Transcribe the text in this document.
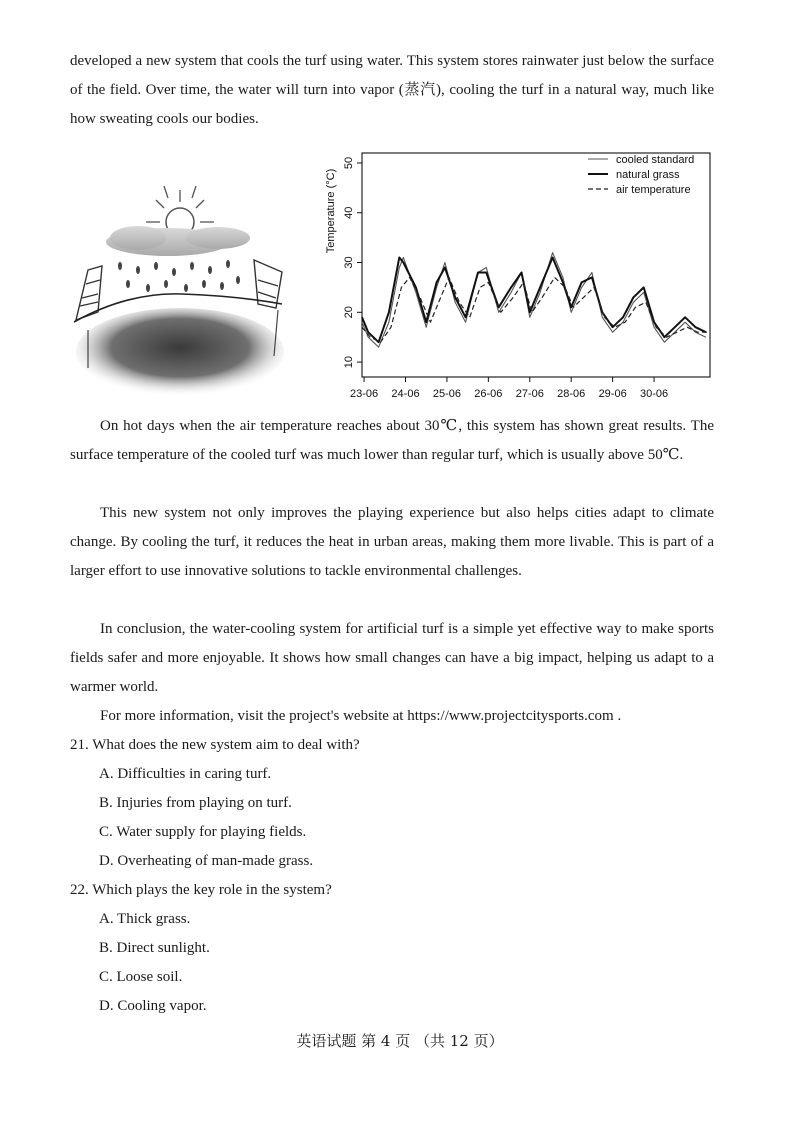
developed a new system that cools the turf using water. This system stores rainwater just below the surface of the field. Over time, the water will turn into vapor (蒸汽), cooling the turf in a natural way, much like how sweating cools our bodies.

10
20
30
40
50
23-06 24-06 25-06 26-06 27-06 28-06 29-06 30-06
cooled standard
natural grass
air temperature
Temperature (°C)

On hot days when the air temperature reaches about 30℃, this system has shown great results. The surface temperature of the cooled turf was much lower than regular turf, which is usually above 50℃.

This new system not only improves the playing experience but also helps cities adapt to climate change. By cooling the turf, it reduces the heat in urban areas, making them more livable. This is part of a larger effort to use innovative solutions to tackle environmental challenges.

In conclusion, the water-cooling system for artificial turf is a simple yet effective way to make sports fields safer and more enjoyable. It shows how small changes can have a big impact, helping us adapt to a warmer world.

For more information, visit the project's website at https://www.projectcitysports.com .

21. What does the new system aim to deal with?

A. Difficulties in caring turf.

B. Injuries from playing on turf.

C. Water supply for playing fields.

D. Overheating of man-made grass.

22. Which plays the key role in the system?

A. Thick grass.

B. Direct sunlight.

C. Loose soil.

D. Cooling vapor.

英语试题 第 4 页 （共 12 页）
